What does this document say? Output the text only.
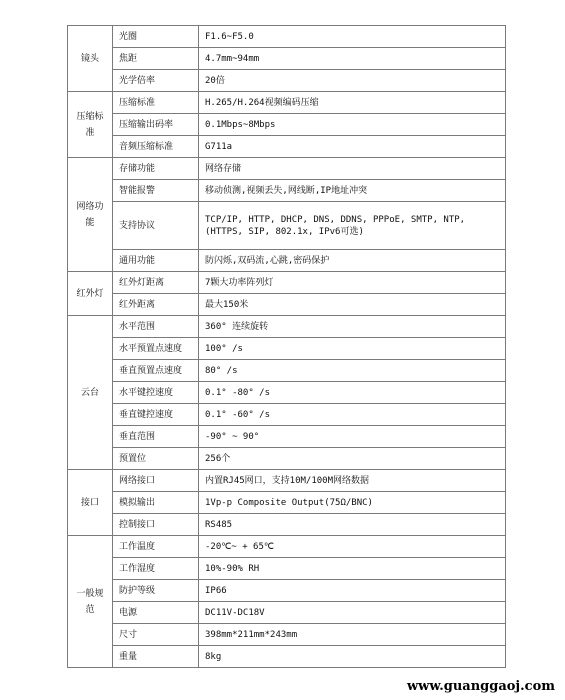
镜头	光圈	F1.6~F5.0
	焦距	4.7mm~94mm
	光学倍率	20倍
压缩标准	压缩标准	H.265/H.264视频编码压缩
	压缩输出码率	0.1Mbps~8Mbps
	音频压缩标准	G711a
网络功能	存储功能	网络存储
	智能报警	移动侦测,视频丢失,网线断,IP地址冲突
	支持协议	TCP/IP, HTTP, DHCP, DNS, DDNS, PPPoE, SMTP, NTP,
(HTTPS, SIP, 802.1x, IPv6可选)
	通用功能	防闪烁,双码流,心跳,密码保护
红外灯	红外灯距离	7颗大功率阵列灯
	红外距离	最大150米
云台	水平范围	360° 连续旋转
	水平预置点速度	100° /s
	垂直预置点速度	80° /s
	水平键控速度	0.1° -80° /s
	垂直键控速度	0.1° -60° /s
	垂直范围	-90° ~ 90°
	预置位	256个
接口	网络接口	内置RJ45网口，支持10M/100M网络数据
	模拟输出	1Vp-p Composite Output(75Ω/BNC)
	控制接口	RS485
一般规范	工作温度	-20℃~ + 65℃
	工作湿度	10%-90% RH
	防护等级	IP66
	电源	DC11V-DC18V
	尺寸	398mm*211mm*243mm
	重量	8kg
www.guanggaoj.com
